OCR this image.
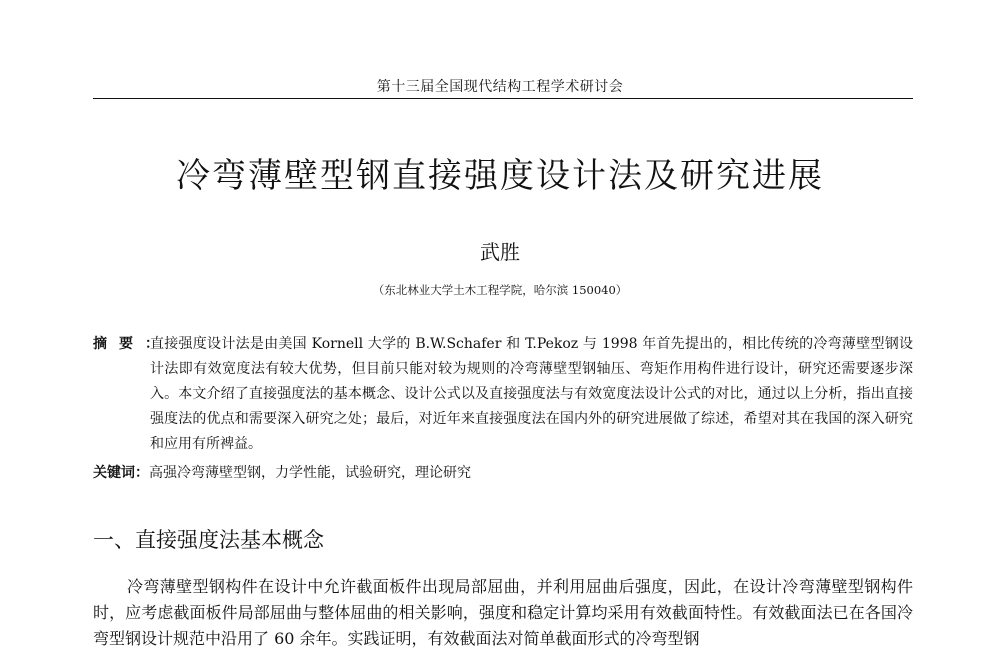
第十三届全国现代结构工程学术研讨会
冷弯薄壁型钢直接强度设计法及研究进展
武胜
（东北林业大学土木工程学院，哈尔滨 150040）
摘要：
直接强度设计法是由美国 Kornell 大学的 B.W.Schafer 和 T.Pekoz 与 1998 年首先提出的，相比传统的冷弯薄壁型钢设计法即有效宽度法有较大优势，但目前只能对较为规则的冷弯薄壁型钢轴压、弯矩作用构件进行设计，研究还需要逐步深入。本文介绍了直接强度法的基本概念、设计公式以及直接强度法与有效宽度法设计公式的对比，通过以上分析，指出直接强度法的优点和需要深入研究之处；最后，对近年来直接强度法在国内外的研究进展做了综述，希望对其在我国的深入研究和应用有所裨益。
关键词：高强冷弯薄壁型钢，力学性能，试验研究，理论研究
一、直接强度法基本概念
冷弯薄壁型钢构件在设计中允许截面板件出现局部屈曲，并利用屈曲后强度，因此，在设计冷弯薄壁型钢构件时，应考虑截面板件局部屈曲与整体屈曲的相关影响，强度和稳定计算均采用有效截面特性。有效截面法已在各国冷弯型钢设计规范中沿用了 60 余年。实践证明，有效截面法对简单截面形式的冷弯型钢
